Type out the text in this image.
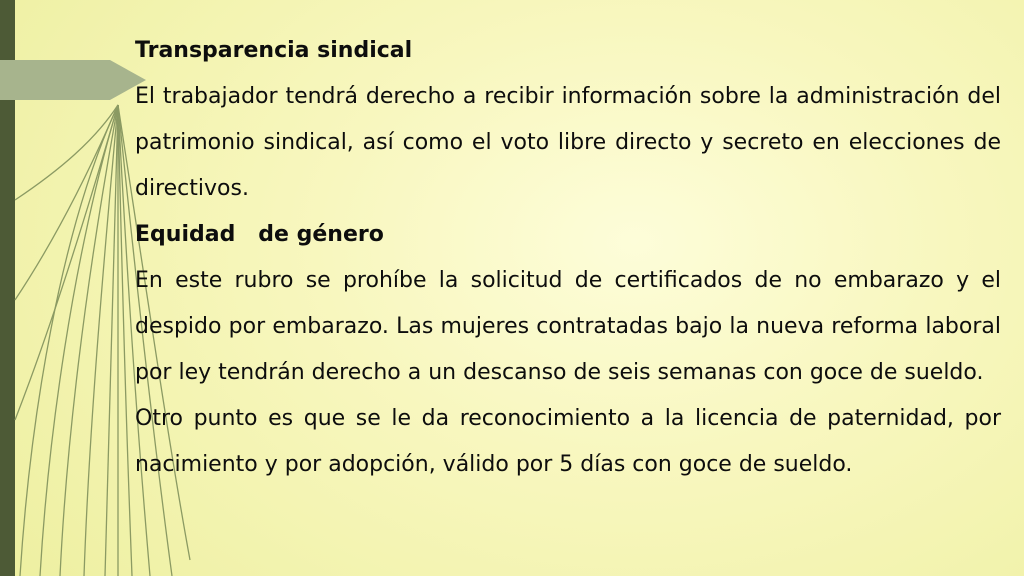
Transparencia sindical

El trabajador tendrá derecho a recibir información sobre la administración del patrimonio sindical, así como el voto libre directo y secreto en elecciones de directivos.

Equidad   de género

En este rubro se prohíbe la solicitud de certificados de no embarazo y el despido por embarazo. Las mujeres contratadas bajo la nueva reforma laboral por ley tendrán derecho a un descanso de seis semanas con goce de sueldo.

Otro punto es que se le da reconocimiento a la licencia de paternidad, por nacimiento y por adopción, válido por 5 días con goce de sueldo.
